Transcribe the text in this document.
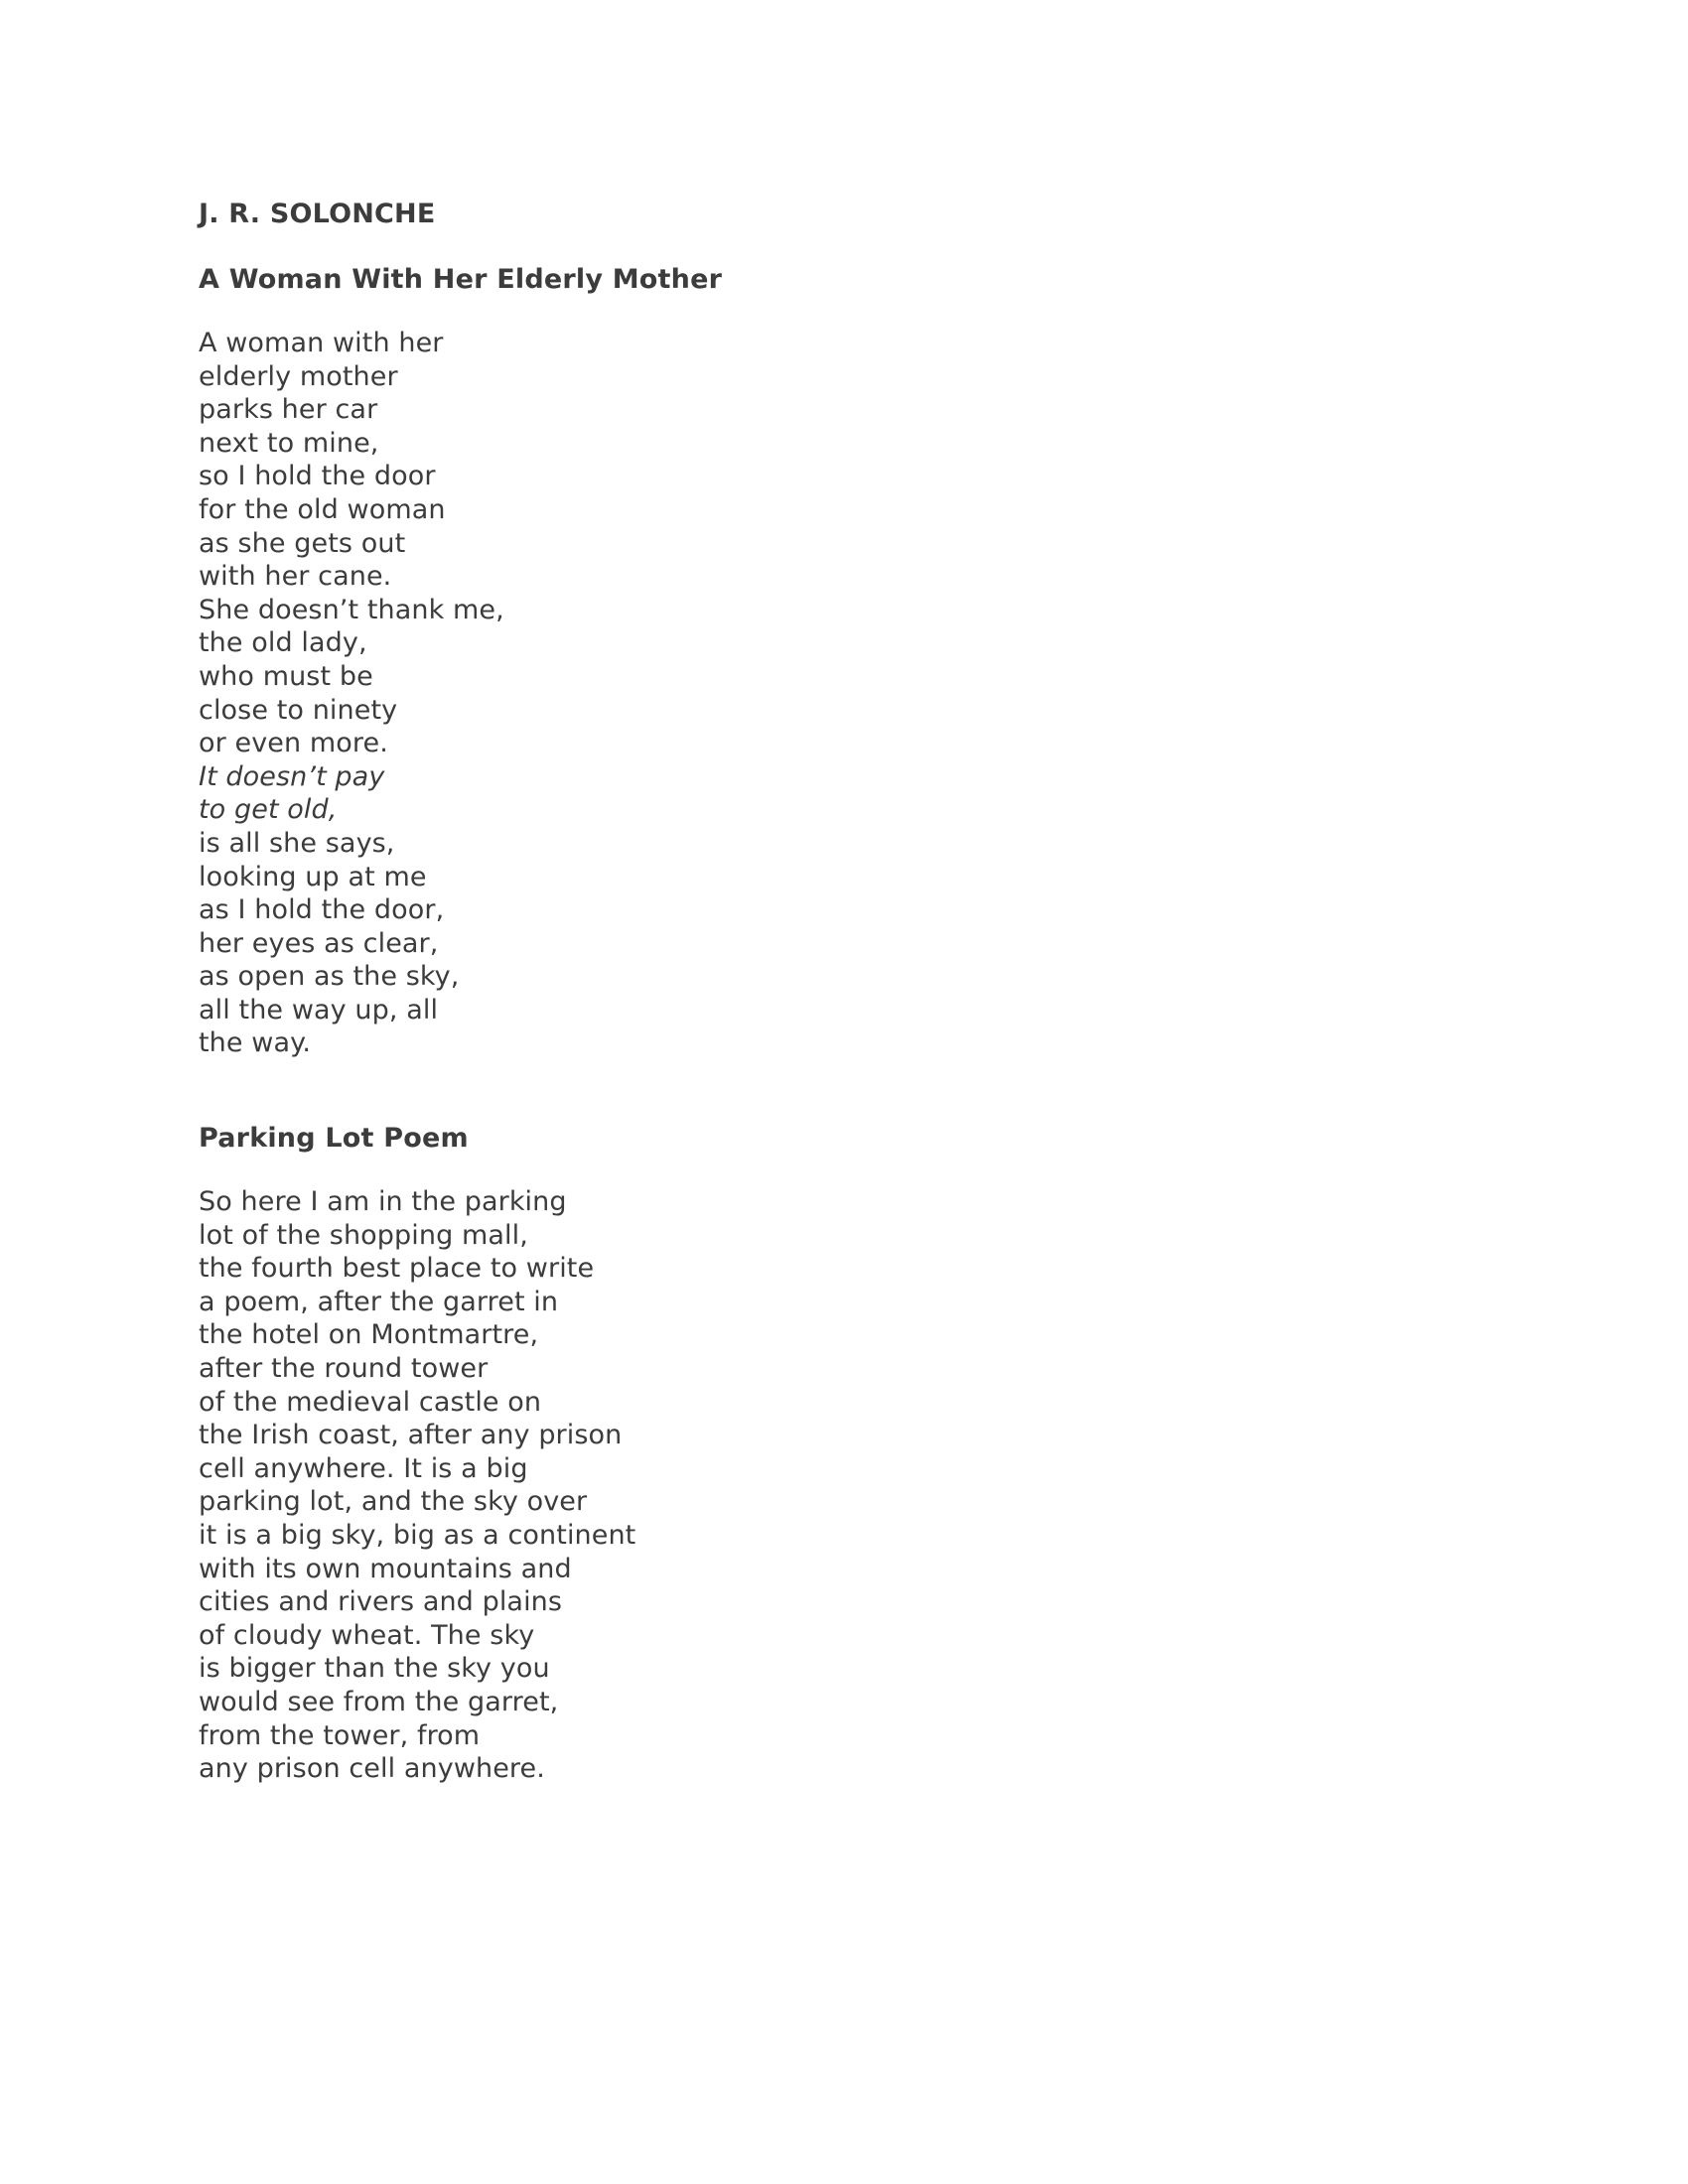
J. R. SOLONCHE
A Woman With Her Elderly Mother
A woman with her
elderly mother
parks her car
next to mine,
so I hold the door
for the old woman
as she gets out
with her cane.
She doesn’t thank me,
the old lady,
who must be
close to ninety
or even more.
It doesn’t pay
to get old,
is all she says,
looking up at me
as I hold the door,
her eyes as clear,
as open as the sky,
all the way up, all
the way.
Parking Lot Poem
So here I am in the parking
lot of the shopping mall,
the fourth best place to write
a poem, after the garret in
the hotel on Montmartre,
after the round tower
of the medieval castle on
the Irish coast, after any prison
cell anywhere. It is a big
parking lot, and the sky over
it is a big sky, big as a continent
with its own mountains and
cities and rivers and plains
of cloudy wheat. The sky
is bigger than the sky you
would see from the garret,
from the tower, from
any prison cell anywhere.
